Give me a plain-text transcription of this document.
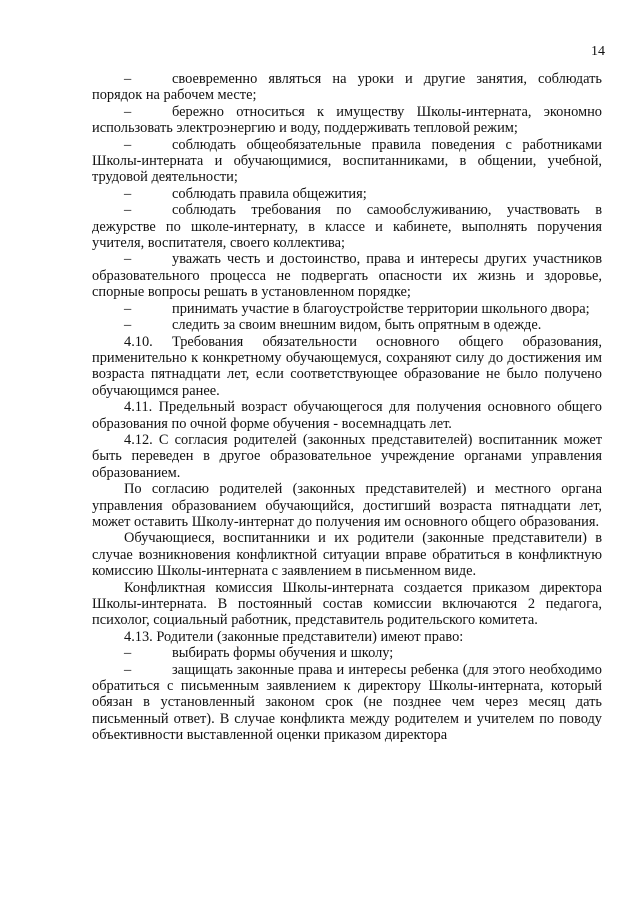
14

–	своевременно являться на уроки и другие занятия, соблюдать порядок на рабочем месте;

–	бережно относиться к имуществу Школы-интерната, экономно использовать электроэнергию и воду, поддерживать тепловой режим;

–	соблюдать общеобязательные правила поведения с работниками Школы-интерната и обучающимися, воспитанниками, в общении, учебной, трудовой деятельности;

–	соблюдать правила общежития;

–	соблюдать требования по самообслуживанию, участвовать в дежурстве по школе-интернату, в классе и кабинете, выполнять поручения учителя, воспитателя, своего коллектива;

–	уважать честь и достоинство, права и интересы других участников образовательного процесса не подвергать опасности их жизнь и здоровье, спорные вопросы решать в установленном порядке;

–	принимать участие в благоустройстве территории школьного двора;

–	следить за своим внешним видом, быть опрятным в одежде.

4.10. Требования обязательности основного общего образования, применительно к конкретному обучающемуся, сохраняют силу до достижения им возраста пятнадцати лет, если соответствующее образование не было получено обучающимся ранее.

4.11. Предельный возраст обучающегося для получения основного общего образования по очной форме обучения - восемнадцать лет.

4.12. С согласия родителей (законных представителей) воспитанник может быть переведен в другое образовательное учреждение органами управления образованием.

По согласию родителей (законных представителей) и местного органа управления образованием обучающийся, достигший возраста пятнадцати лет, может оставить Школу-интернат до получения им основного общего образования.

Обучающиеся, воспитанники и их родители (законные представители) в случае возникновения конфликтной ситуации вправе обратиться в конфликтную комиссию Школы-интерната с заявлением в письменном виде.

Конфликтная комиссия Школы-интерната создается приказом директора Школы-интерната. В постоянный состав комиссии включаются 2 педагога, психолог, социальный работник, представитель родительского комитета.

4.13. Родители (законные представители) имеют право:

–	выбирать формы обучения и школу;

–	защищать законные права и интересы ребенка (для этого необходимо обратиться с письменным заявлением к директору Школы-интерната, который обязан в установленный законом срок (не позднее чем через месяц дать письменный ответ). В случае конфликта между родителем и учителем по поводу объективности выставленной оценки приказом директора
